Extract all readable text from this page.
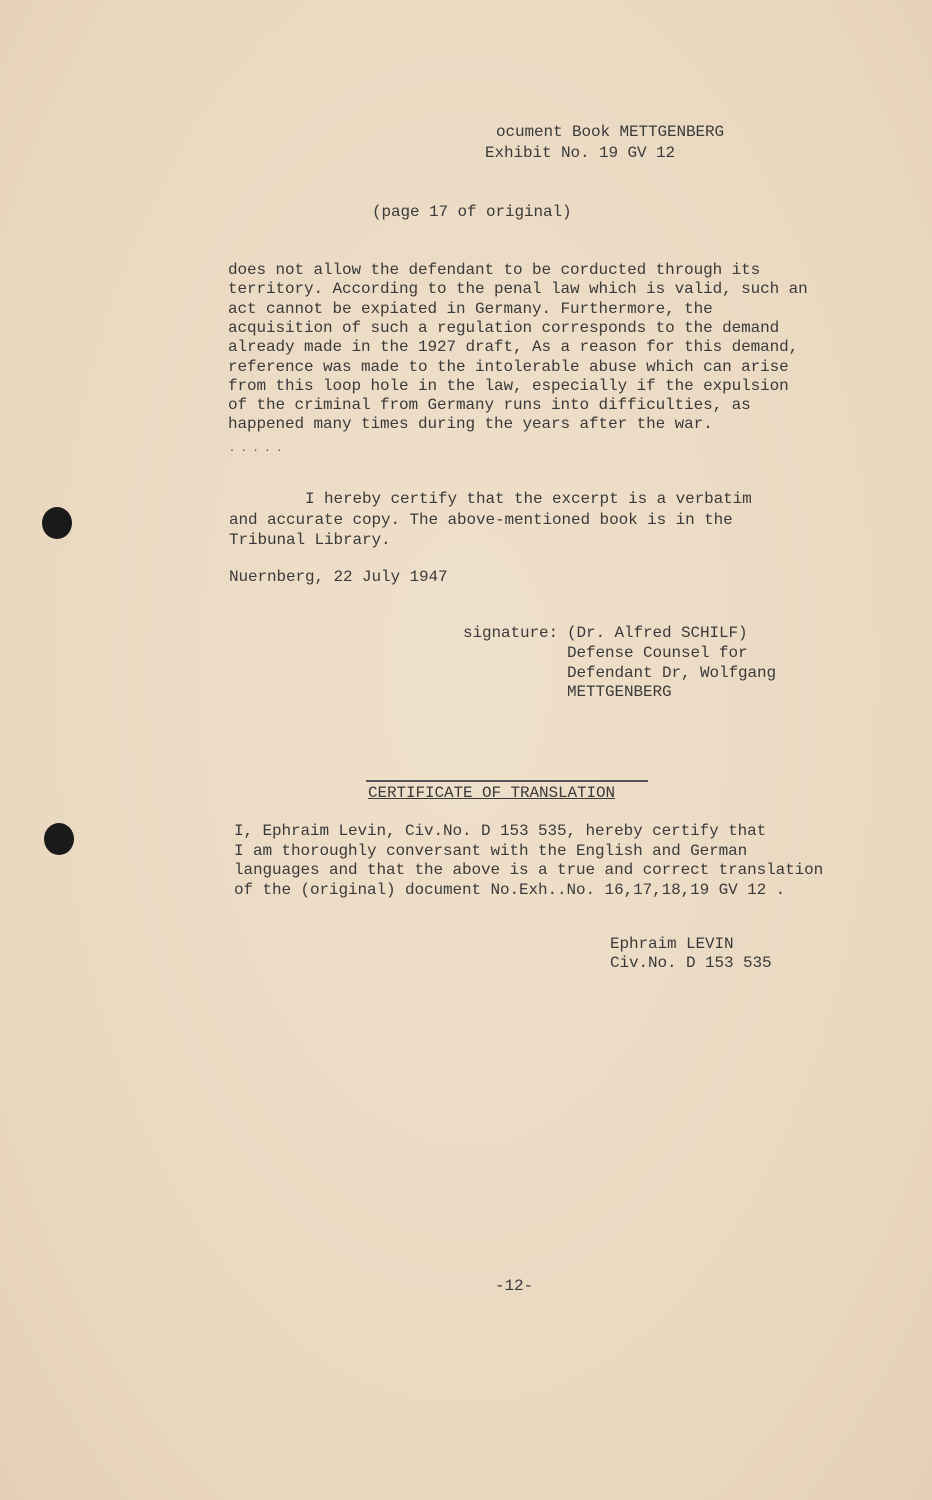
ocument Book METTGENBERG
Exhibit No. 19 GV 12
(page 17 of original)
does not allow the defendant to be corducted through its
territory. According to the penal law which is valid, such an
act cannot be expiated in Germany. Furthermore, the
acquisition of such a regulation corresponds to the demand
already made in the 1927 draft, As a reason for this demand,
reference was made to the intolerable abuse which can arise
from this loop hole in the law, especially if the expulsion
of the criminal from Germany runs into difficulties, as
happened many times during the years after the war.
. . . . .
I hereby certify that the excerpt is a verbatim
and accurate copy. The above-mentioned book is in the
Tribunal Library.
Nuernberg, 22 July 1947
signature: (Dr. Alfred SCHILF)
Defense Counsel for
Defendant Dr, Wolfgang
METTGENBERG
CERTIFICATE OF TRANSLATION
I, Ephraim Levin, Civ.No. D 153 535, hereby certify that
I am thoroughly conversant with the English and German
languages and that the above is a true and correct translation
of the (original) document No.Exh..No. 16,17,18,19 GV 12 .
Ephraim LEVIN
Civ.No. D 153 535
-12-
